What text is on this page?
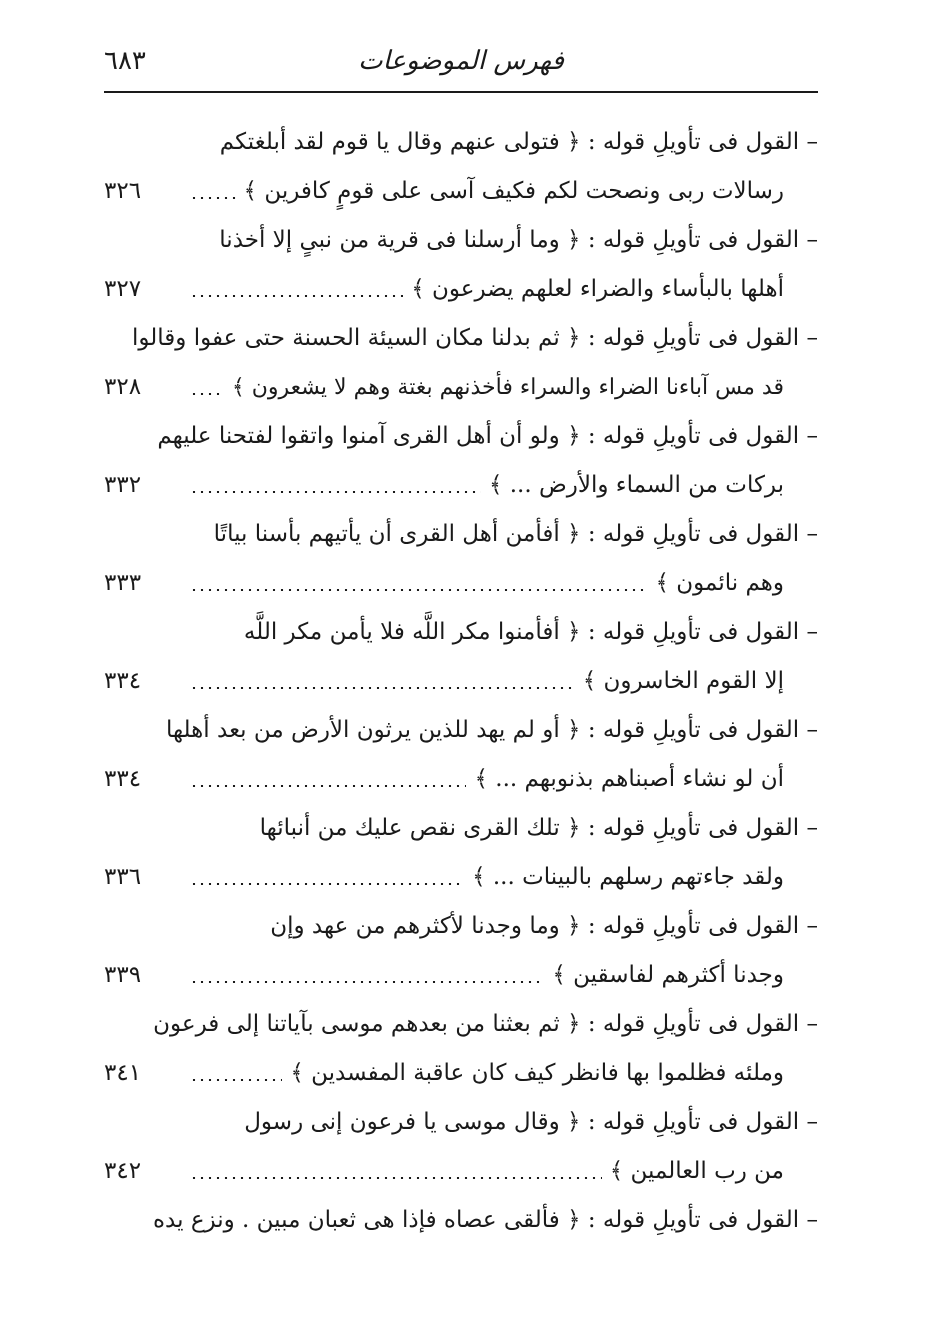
فهرس الموضوعات
٦٨٣
– القول فى تأويلِ قوله : ﴿ فتولى عنهم وقال يا قوم لقد أبلغتكم
رسالات ربى ونصحت لكم فكيف آسى على قومٍ كافرين ﴾
٣٢٦
– القول فى تأويلِ قوله : ﴿ وما أرسلنا فى قرية من نبىٍ إلا أخذنا
أهلها بالبأساء والضراء لعلهم يضرعون ﴾
٣٢٧
– القول فى تأويلِ قوله : ﴿ ثم بدلنا مكان السيئة الحسنة حتى عفوا وقالوا
قد مس آباءنا الضراء والسراء فأخذنهم بغتة وهم لا يشعرون ﴾
٣٢٨
– القول فى تأويلِ قوله : ﴿ ولو أن أهل القرى آمنوا واتقوا لفتحنا عليهم
بركات من السماء والأرض ... ﴾
٣٣٢
– القول فى تأويلِ قوله : ﴿ أفأمن أهل القرى أن يأتيهم بأسنا بياتًا
وهم نائمون ﴾
٣٣٣
– القول فى تأويلِ قوله : ﴿ أفأمنوا مكر اللَّه فلا يأمن مكر اللَّه
إلا القوم الخاسرون ﴾
٣٣٤
– القول فى تأويلِ قوله : ﴿ أو لم يهد للذين يرثون الأرض من بعد أهلها
أن لو نشاء أصبناهم بذنوبهم ... ﴾
٣٣٤
– القول فى تأويلِ قوله : ﴿ تلك القرى نقص عليك من أنبائها
ولقد جاءتهم رسلهم بالبينات ... ﴾
٣٣٦
– القول فى تأويلِ قوله : ﴿ وما وجدنا لأكثرهم من عهد وإن
وجدنا أكثرهم لفاسقين ﴾
٣٣٩
– القول فى تأويلِ قوله : ﴿ ثم بعثنا من بعدهم موسى بآياتنا إلى فرعون
وملئه فظلموا بها فانظر كيف كان عاقبة المفسدين ﴾
٣٤١
– القول فى تأويلِ قوله : ﴿ وقال موسى يا فرعون إنى رسول
من رب العالمين ﴾
٣٤٢
– القول فى تأويلِ قوله : ﴿ فألقى عصاه فإذا هى ثعبان مبين . ونزع يده
